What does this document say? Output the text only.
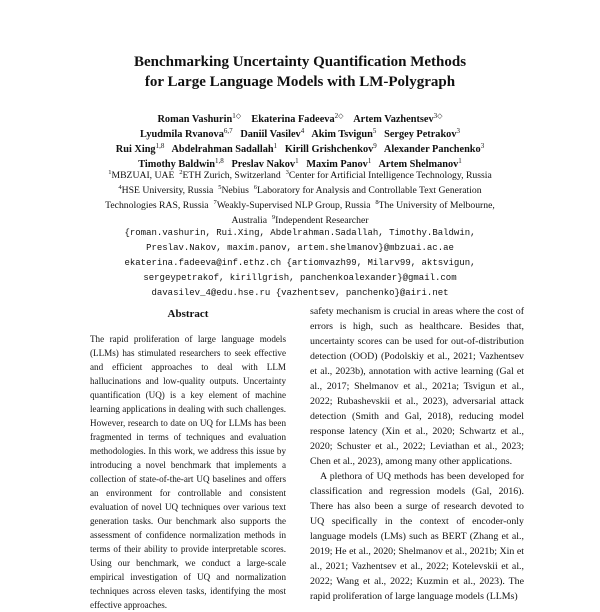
Benchmarking Uncertainty Quantification Methods
for Large Language Models with LM-Polygraph
Roman Vashurin$^{1◇}$ Ekaterina Fadeeva$^{2◇}$ Artem Vazhentsev$^{3◇}$
Lyudmila Rvanova$^{6,7}$ Daniil Vasilev$^4$ Akim Tsvigun$^5$ Sergey Petrakov$^3$
Rui Xing$^{1,8}$ Abdelrahman Sadallah$^1$ Kirill Grishchenkov$^9$ Alexander Panchenko$^3$
Timothy Baldwin$^{1,8}$ Preslav Nakov$^1$ Maxim Panov$^1$ Artem Shelmanov$^1$
$^1$MBZUAI, UAE $^2$ETH Zurich, Switzerland $^3$Center for Artificial Intelligence Technology, Russia
$^4$HSE University, Russia $^5$Nebius $^6$Laboratory for Analysis and Controllable Text Generation
Technologies RAS, Russia $^7$Weakly-Supervised NLP Group, Russia $^8$The University of Melbourne,
Australia $^9$Independent Researcher
{roman.vashurin, Rui.Xing, Abdelrahman.Sadallah, Timothy.Baldwin,
Preslav.Nakov, maxim.panov, artem.shelmanov}@mbzuai.ac.ae
ekaterina.fadeeva@inf.ethz.ch {artiomvazh99, Milarv99, aktsvigun,
sergeypetrakof, kirillgrish, panchenkoalexander}@gmail.com
davasilev_4@edu.hse.ru {vazhentsev, panchenko}@airi.net
Abstract
The rapid proliferation of large language models (LLMs) has stimulated researchers to seek effective and efficient approaches to deal with LLM hallucinations and low-quality outputs. Uncertainty quantification (UQ) is a key element of machine learning applications in dealing with such challenges. However, research to date on UQ for LLMs has been fragmented in terms of techniques and evaluation methodologies. In this work, we address this issue by introducing a novel benchmark that implements a collection of state-of-the-art UQ baselines and offers an environment for controllable and consistent evaluation of novel UQ techniques over various text generation tasks. Our benchmark also supports the assessment of confidence normalization methods in terms of their ability to provide interpretable scores. Using our benchmark, we conduct a large-scale empirical investigation of UQ and normalization techniques across eleven tasks, identifying the most effective approaches.

safety mechanism is crucial in areas where the cost of errors is high, such as healthcare. Besides that, uncertainty scores can be used for out-of-distribution detection (OOD) (Podolskiy et al., 2021; Vazhentsev et al., 2023b), annotation with active learning (Gal et al., 2017; Shelmanov et al., 2021a; Tsvigun et al., 2022; Rubashevskii et al., 2023), adversarial attack detection (Smith and Gal, 2018), reducing model response latency (Xin et al., 2020; Schwartz et al., 2020; Schuster et al., 2022; Leviathan et al., 2023; Chen et al., 2023), among many other applications.

A plethora of UQ methods has been developed for classification and regression models (Gal, 2016). There has also been a surge of research devoted to UQ specifically in the context of encoder-only language models (LMs) such as BERT (Zhang et al., 2019; He et al., 2020; Shelmanov et al., 2021b; Xin et al., 2021; Vazhentsev et al., 2022; Kotelevskii et al., 2022; Wang et al., 2022; Kuzmin et al., 2023). The rapid proliferation of large language models (LLMs)
